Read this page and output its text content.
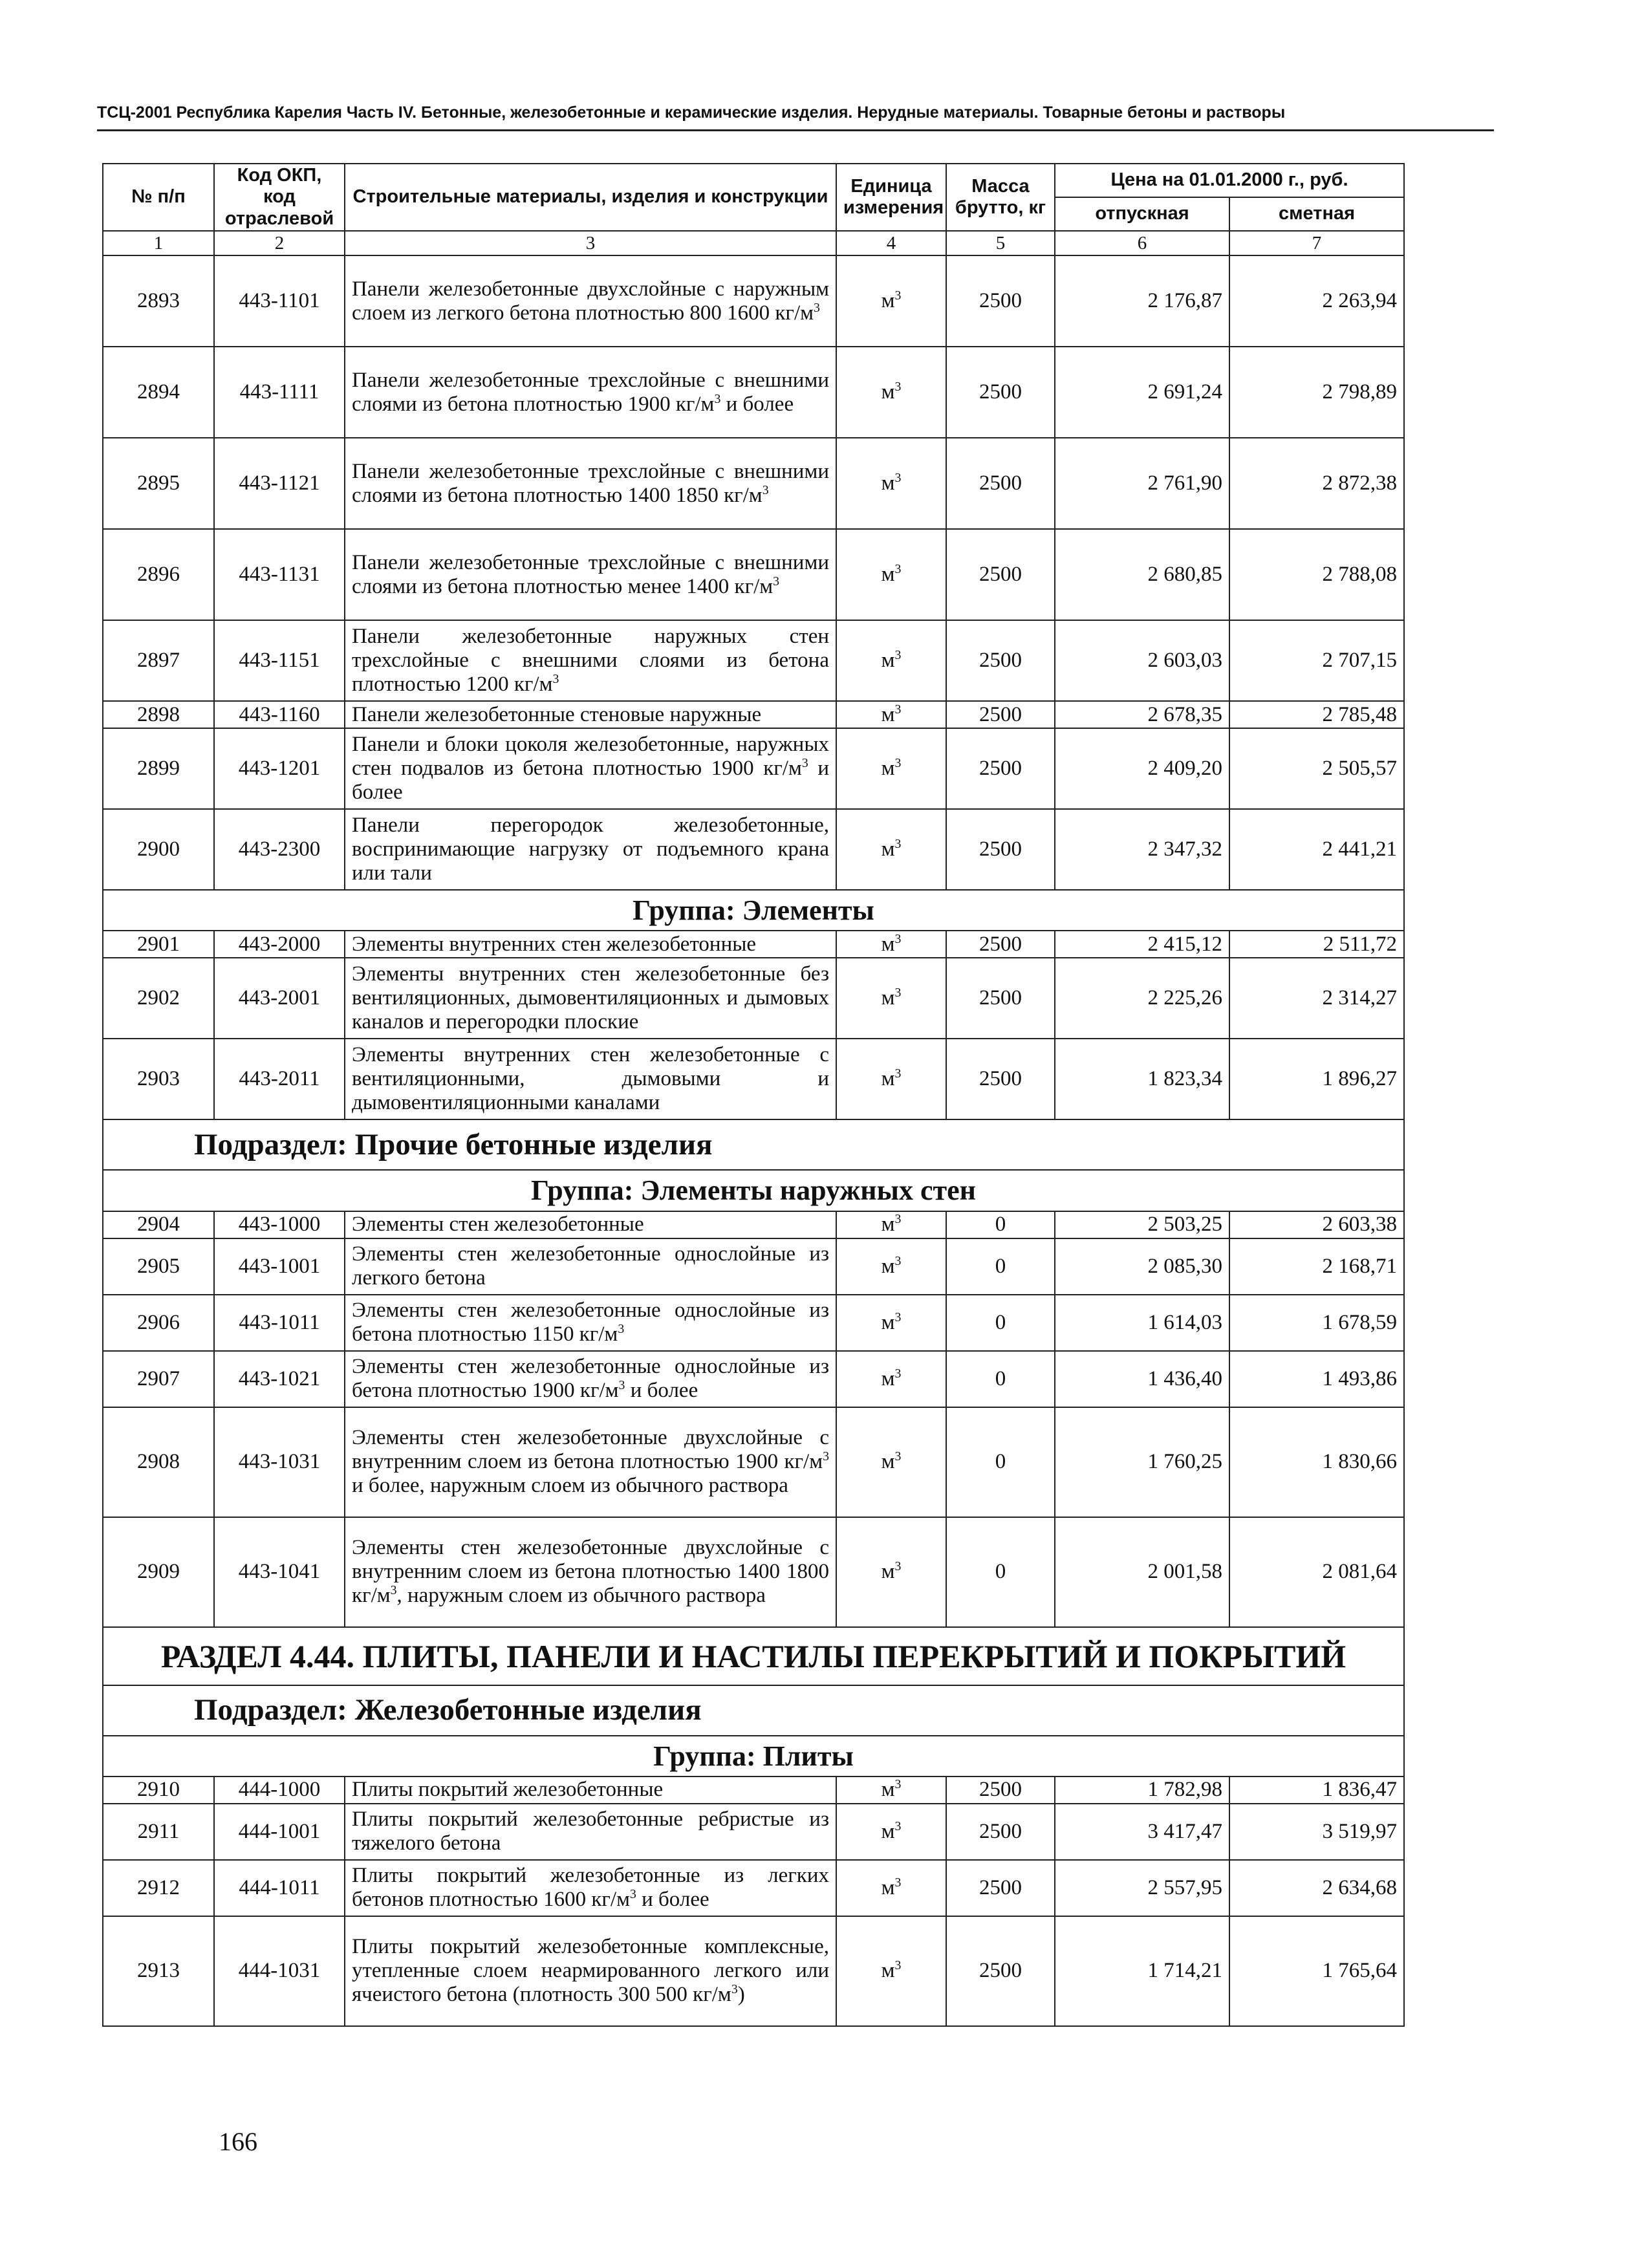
ТСЦ-2001 Республика Карелия Часть IV. Бетонные, железобетонные и керамические изделия. Нерудные материалы. Товарные бетоны и растворы
№ п/п	Код ОКП, код отраслевой	Строительные материалы, изделия и конструкции	Единица измерения	Масса брутто, кг	Цена на 01.01.2000 г., руб.	
					отпускная	сметная
1	2	3	4	5	6	7
2893	443-1101	Панели железобетонные двухслойные с наружным слоем из легкого бетона плотностью 800 1600 $кг/м^3$	$м^3$	2500	2 176,87	2 263,94
2894	443-1111	Панели железобетонные трехслойные с внешними слоями из бетона плотностью 1900 $кг/м^3$ и более	$м^3$	2500	2 691,24	2 798,89
2895	443-1121	Панели железобетонные трехслойные с внешними слоями из бетона плотностью 1400 1850 $кг/м^3$	$м^3$	2500	2 761,90	2 872,38
2896	443-1131	Панели железобетонные трехслойные с внешними слоями из бетона плотностью менее 1400 $кг/м^3$	$м^3$	2500	2 680,85	2 788,08
2897	443-1151	Панели железобетонные наружных стен трехслойные с внешними слоями из бетона плотностью 1200 $кг/м^3$	$м^3$	2500	2 603,03	2 707,15
2898	443-1160	Панели железобетонные стеновые наружные	$м^3$	2500	2 678,35	2 785,48
2899	443-1201	Панели и блоки цоколя железобетонные, наружных стен подвалов из бетона плотностью 1900 $кг/м^3$ и более	$м^3$	2500	2 409,20	2 505,57
2900	443-2300	Панели перегородок железобетонные, воспринимающие нагрузку от подъемного крана или тали	$м^3$	2500	2 347,32	2 441,21
Группа: Элементы						
2901	443-2000	Элементы внутренних стен железобетонные	$м^3$	2500	2 415,12	2 511,72
2902	443-2001	Элементы внутренних стен железобетонные без вентиляционных, дымовентиляционных и дымовых каналов и перегородки плоские	$м^3$	2500	2 225,26	2 314,27
2903	443-2011	Элементы внутренних стен железобетонные с вентиляционными, дымовыми и дымовентиляционными каналами	$м^3$	2500	1 823,34	1 896,27
Подраздел: Прочие бетонные изделия						
Группа: Элементы наружных стен						
2904	443-1000	Элементы стен железобетонные	$м^3$	0	2 503,25	2 603,38
2905	443-1001	Элементы стен железобетонные однослойные из легкого бетона	$м^3$	0	2 085,30	2 168,71
2906	443-1011	Элементы стен железобетонные однослойные из бетона плотностью 1150 $кг/м^3$	$м^3$	0	1 614,03	1 678,59
2907	443-1021	Элементы стен железобетонные однослойные из бетона плотностью 1900 $кг/м^3$ и более	$м^3$	0	1 436,40	1 493,86
2908	443-1031	Элементы стен железобетонные двухслойные с внутренним слоем из бетона плотностью 1900 $кг/м^3$ и более, наружным слоем из обычного раствора	$м^3$	0	1 760,25	1 830,66
2909	443-1041	Элементы стен железобетонные двухслойные с внутренним слоем из бетона плотностью 1400 1800 $кг/м^3$, наружным слоем из обычного раствора	$м^3$	0	2 001,58	2 081,64
РАЗДЕЛ 4.44. ПЛИТЫ, ПАНЕЛИ И НАСТИЛЫ ПЕРЕКРЫТИЙ И ПОКРЫТИЙ						
Подраздел: Железобетонные изделия						
Группа: Плиты						
2910	444-1000	Плиты покрытий железобетонные	$м^3$	2500	1 782,98	1 836,47
2911	444-1001	Плиты покрытий железобетонные ребристые из тяжелого бетона	$м^3$	2500	3 417,47	3 519,97
2912	444-1011	Плиты покрытий железобетонные из легких бетонов плотностью 1600 $кг/м^3$ и более	$м^3$	2500	2 557,95	2 634,68
2913	444-1031	Плиты покрытий железобетонные комплексные, утепленные слоем неармированного легкого или ячеистого бетона (плотность 300 500 $кг/м^3$)	$м^3$	2500	1 714,21	1 765,64
166
